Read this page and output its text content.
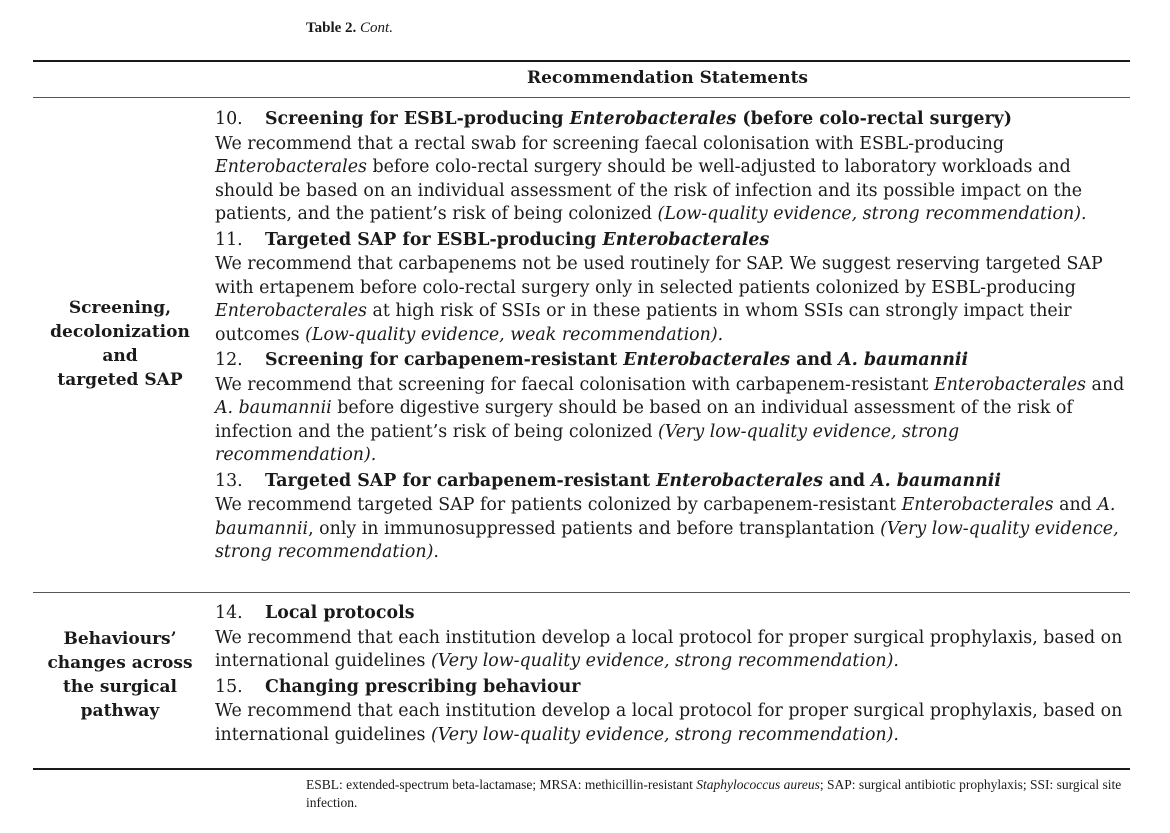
Table 2. Cont.
Recommendation Statements
Screening,
decolonization
and
targeted SAP
10. Screening for ESBL-producing Enterobacterales (before colo-rectal surgery)
We recommend that a rectal swab for screening faecal colonisation with ESBL-producing Enterobacterales before colo-rectal surgery should be well-adjusted to laboratory workloads and should be based on an individual assessment of the risk of infection and its possible impact on the patients, and the patient’s risk of being colonized (Low-quality evidence, strong recommendation).
11. Targeted SAP for ESBL-producing Enterobacterales
We recommend that carbapenems not be used routinely for SAP. We suggest reserving targeted SAP with ertapenem before colo-rectal surgery only in selected patients colonized by ESBL-producing Enterobacterales at high risk of SSIs or in these patients in whom SSIs can strongly impact their outcomes (Low-quality evidence, weak recommendation).
12. Screening for carbapenem-resistant Enterobacterales and A. baumannii
We recommend that screening for faecal colonisation with carbapenem-resistant Enterobacterales and A. baumannii before digestive surgery should be based on an individual assessment of the risk of infection and the patient’s risk of being colonized (Very low-quality evidence, strong recommendation).
13. Targeted SAP for carbapenem-resistant Enterobacterales and A. baumannii
We recommend targeted SAP for patients colonized by carbapenem-resistant Enterobacterales and A. baumannii, only in immunosuppressed patients and before transplantation (Very low-quality evidence, strong recommendation).
Behaviours’
changes across
the surgical
pathway
14. Local protocols
We recommend that each institution develop a local protocol for proper surgical prophylaxis, based on international guidelines (Very low-quality evidence, strong recommendation).
15. Changing prescribing behaviour
We recommend that each institution develop a local protocol for proper surgical prophylaxis, based on international guidelines (Very low-quality evidence, strong recommendation).
ESBL: extended-spectrum beta-lactamase; MRSA: methicillin-resistant Staphylococcus aureus; SAP: surgical antibiotic prophylaxis; SSI: surgical site infection.
